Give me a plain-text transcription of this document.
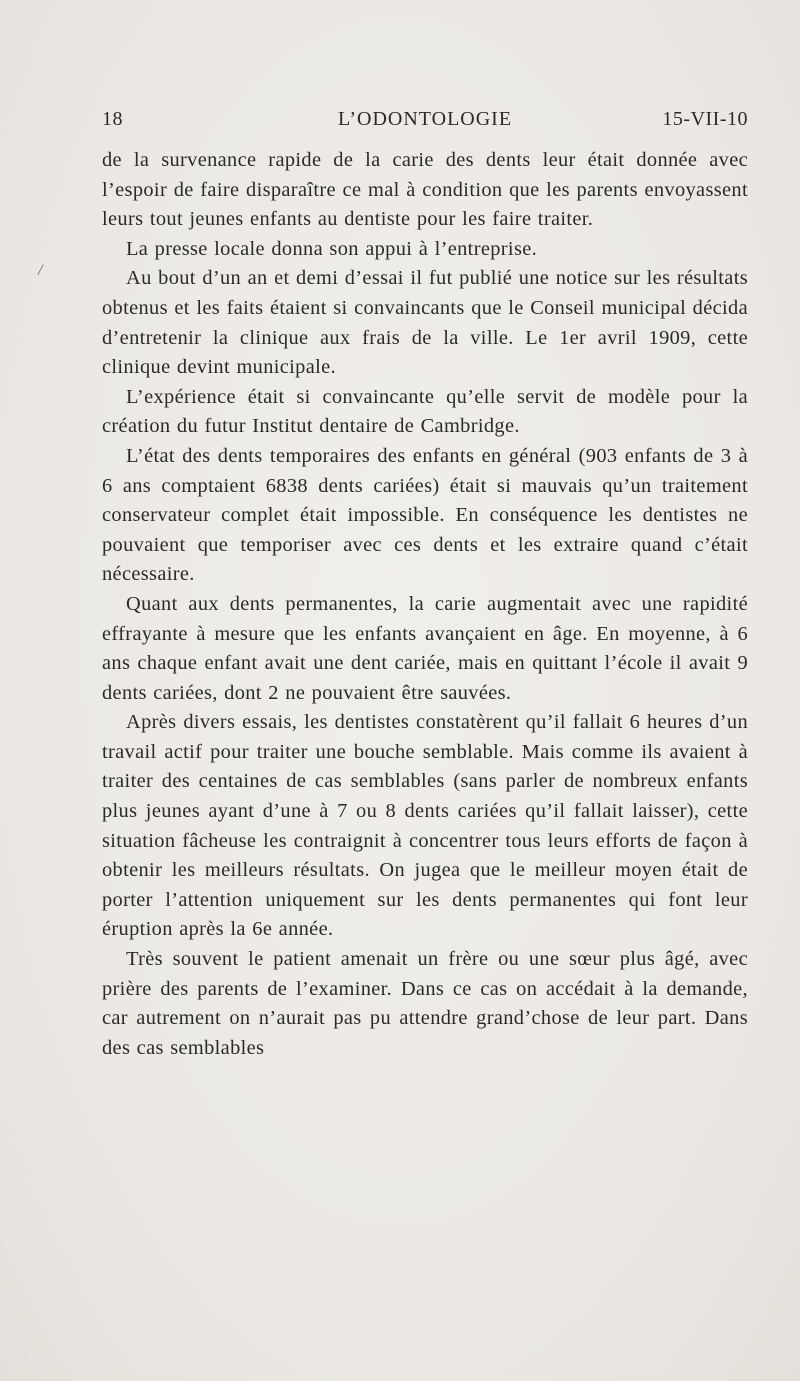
18	L’ODONTOLOGIE	15-VII-10
/

de la survenance rapide de la carie des dents leur était donnée avec l’espoir de faire disparaître ce mal à condition que les parents envoyassent leurs tout jeunes enfants au dentiste pour les faire traiter.

La presse locale donna son appui à l’entreprise.

Au bout d’un an et demi d’essai il fut publié une notice sur les résultats obtenus et les faits étaient si convaincants que le Conseil municipal décida d’entretenir la clinique aux frais de la ville. Le 1er avril 1909, cette clinique devint municipale.

L’expérience était si convaincante qu’elle servit de modèle pour la création du futur Institut dentaire de Cambridge.

L’état des dents temporaires des enfants en général (903 enfants de 3 à 6 ans comptaient 6838 dents cariées) était si mauvais qu’un traitement conservateur complet était impossible. En conséquence les dentistes ne pouvaient que temporiser avec ces dents et les extraire quand c’était nécessaire.

Quant aux dents permanentes, la carie augmentait avec une rapidité effrayante à mesure que les enfants avançaient en âge. En moyenne, à 6 ans chaque enfant avait une dent cariée, mais en quittant l’école il avait 9 dents cariées, dont 2 ne pouvaient être sauvées.

Après divers essais, les dentistes constatèrent qu’il fallait 6 heures d’un travail actif pour traiter une bouche semblable. Mais comme ils avaient à traiter des centaines de cas semblables (sans parler de nombreux enfants plus jeunes ayant d’une à 7 ou 8 dents cariées qu’il fallait laisser), cette situation fâcheuse les contraignit à concentrer tous leurs efforts de façon à obtenir les meilleurs résultats. On jugea que le meilleur moyen était de porter l’attention uniquement sur les dents permanentes qui font leur éruption après la 6e année.

Très souvent le patient amenait un frère ou une sœur plus âgé, avec prière des parents de l’examiner. Dans ce cas on accédait à la demande, car autrement on n’aurait pas pu attendre grand’chose de leur part. Dans des cas semblables
